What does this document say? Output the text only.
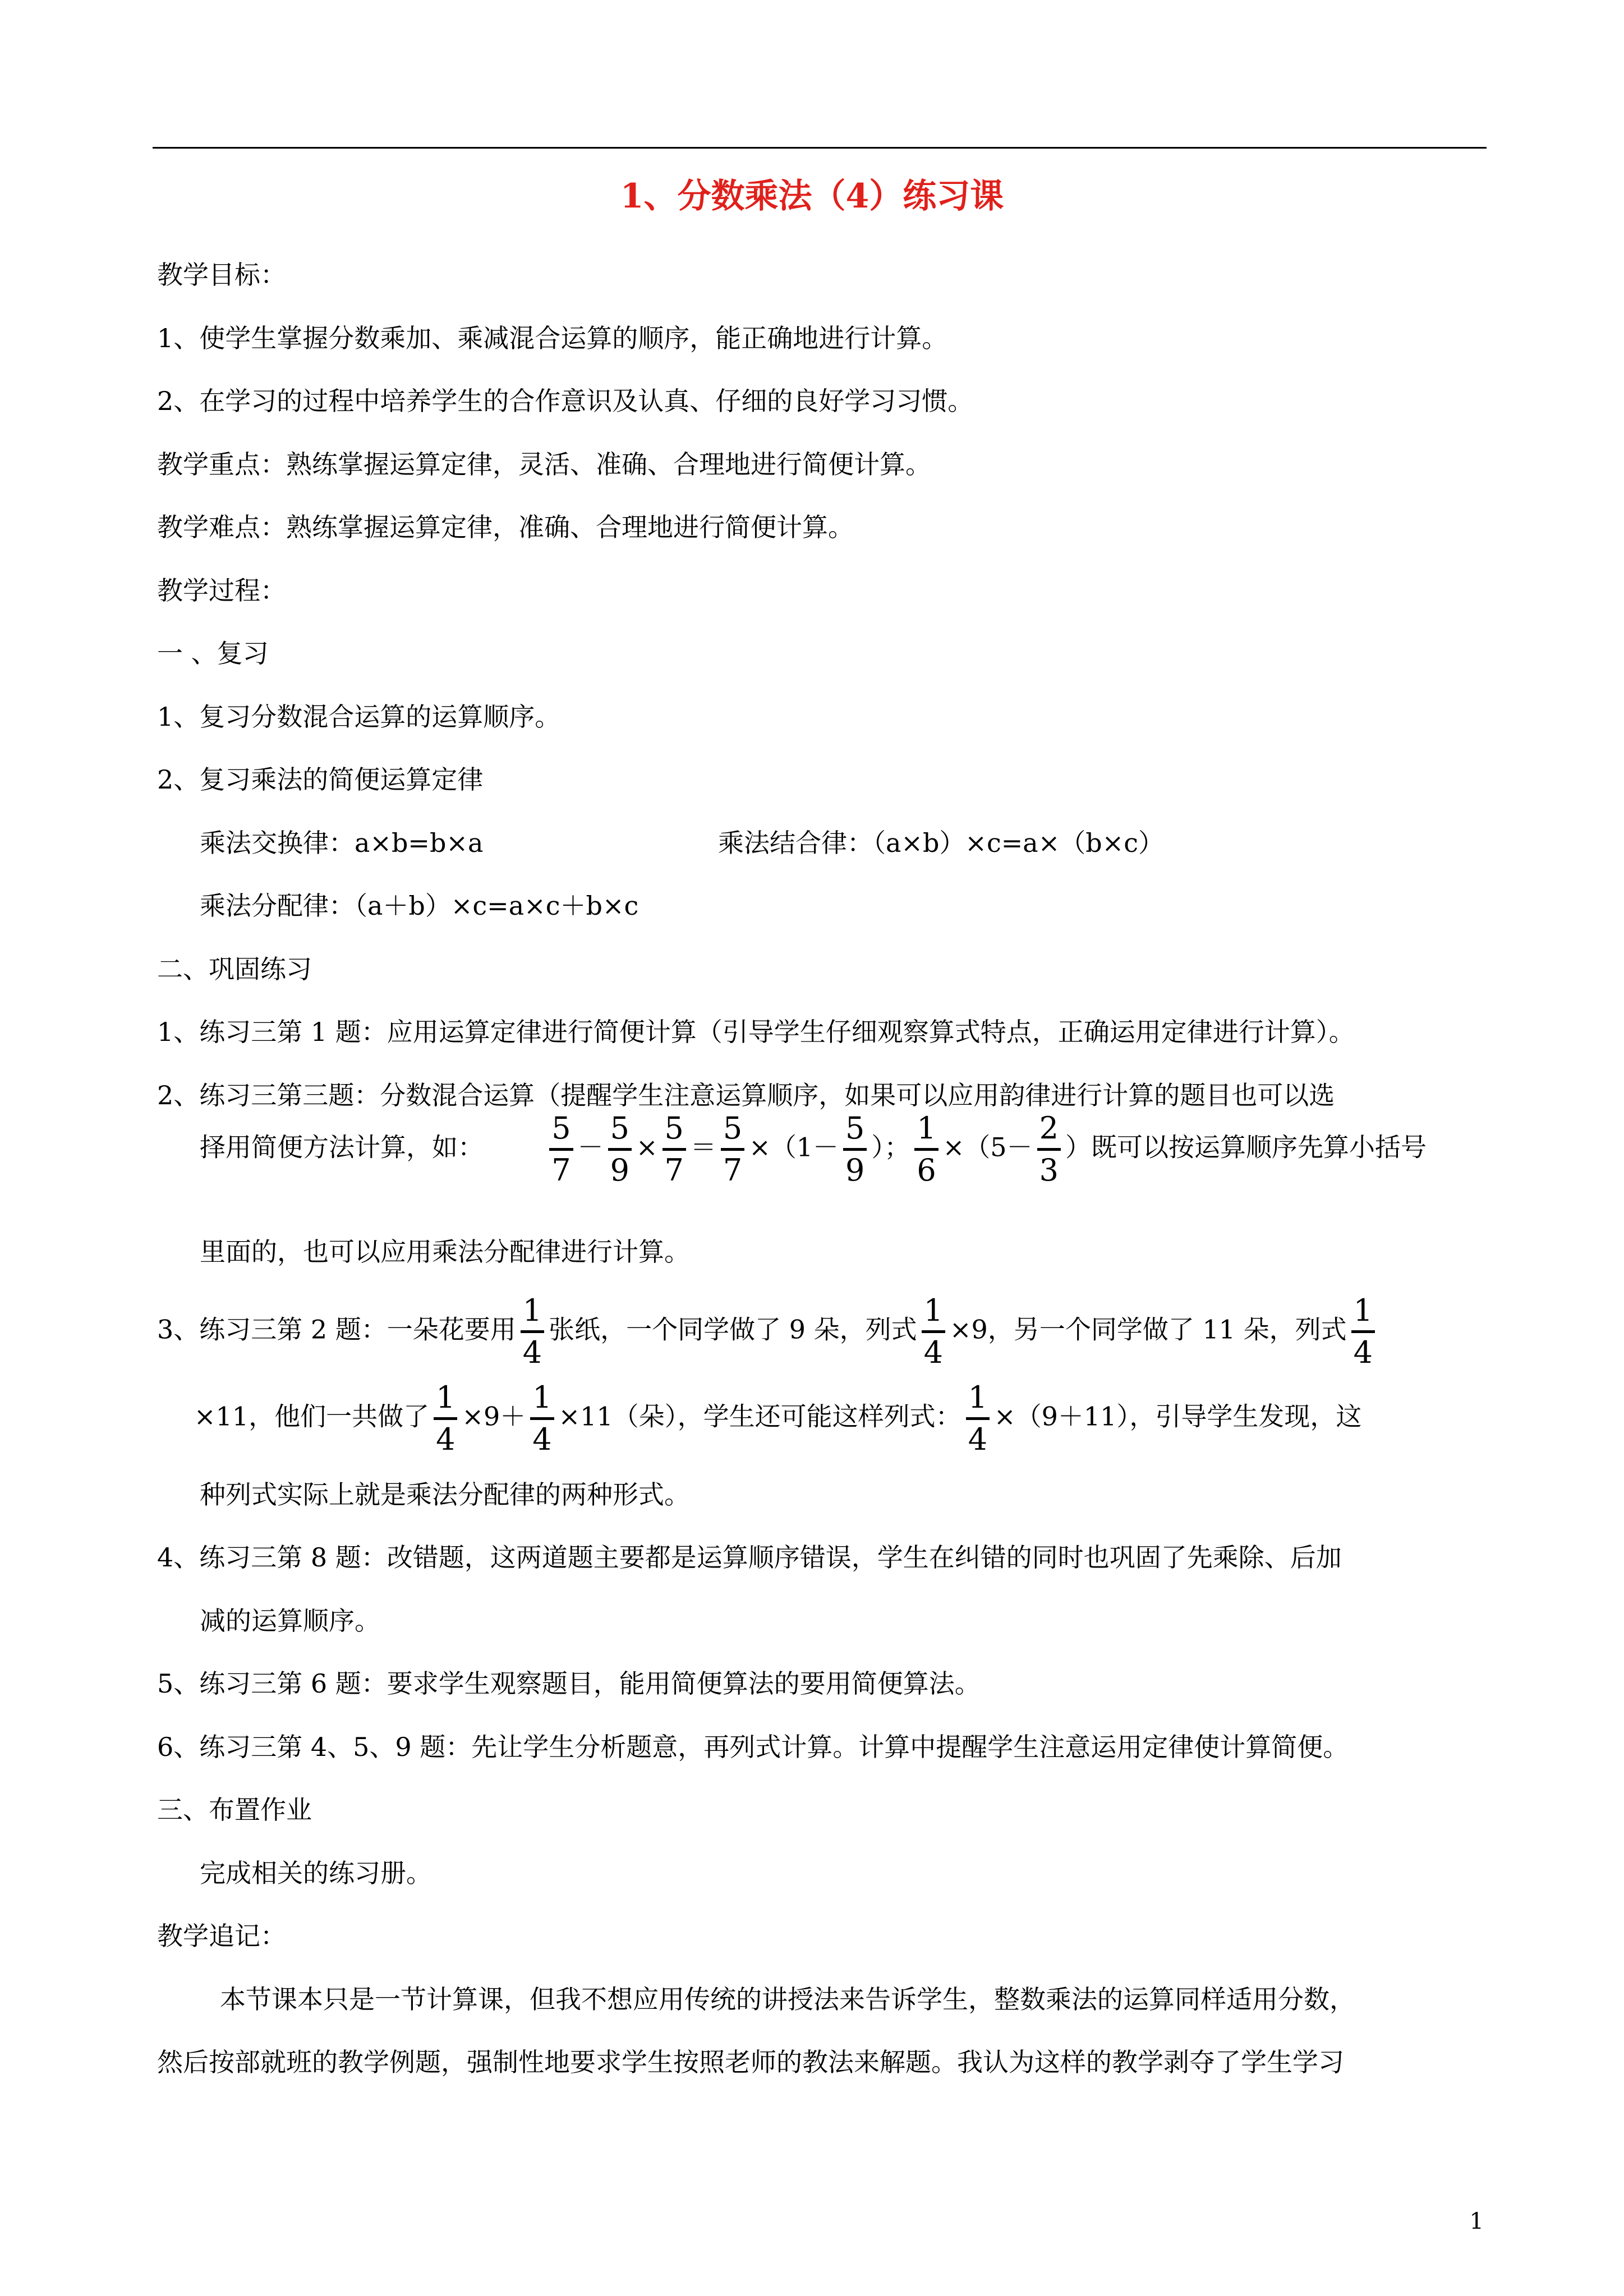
1、分数乘法（4）练习课
教学目标：
1、使学生掌握分数乘加、乘减混合运算的顺序，能正确地进行计算。
2、在学习的过程中培养学生的合作意识及认真、仔细的良好学习习惯。
教学重点：熟练掌握运算定律，灵活、准确、合理地进行简便计算。
教学难点：熟练掌握运算定律，准确、合理地进行简便计算。
教学过程：
一 、复习
1、复习分数混合运算的运算顺序。
2、复习乘法的简便运算定律
乘法交换律：a×b=b×a	乘法结合律：（a×b）×c=a×（b×c）
乘法分配律：（a＋b）×c=a×c＋b×c
二、巩固练习
1、练习三第 1 题：应用运算定律进行简便计算（引导学生仔细观察算式特点，正确运用定律进行计算）。
2、练习三第三题：分数混合运算（提醒学生注意运算顺序，如果可以应用韵律进行计算的题目也可以选
择用简便方法计算，如： $\frac{5}{7} - \frac{5}{9} \times \frac{5}{7} = \frac{5}{7} \times(1- \frac{5}{9}$ ）； $\frac{1}{6} \times(5- \frac{2}{3}$ ）既可以按运算顺序先算小括号
里面的，也可以应用乘法分配律进行计算。
3、练习三第 2 题：一朵花要用 $\frac{1}{4}$ 张纸，一个同学做了 9 朵，列式 $\frac{1}{4} \times 9$，另一个同学做了 11 朵，列式 $\frac{1}{4}$
×11，他们一共做了 $\frac{1}{4} \times 9+ \frac{1}{4} \times 11$（朵），学生还可能这样列式： $\frac{1}{4} \times(9+11)$，引导学生发现，这
种列式实际上就是乘法分配律的两种形式。
4、练习三第 8 题：改错题，这两道题主要都是运算顺序错误，学生在纠错的同时也巩固了先乘除、后加
减的运算顺序。
5、练习三第 6 题：要求学生观察题目，能用简便算法的要用简便算法。
6、练习三第 4、5、9 题：先让学生分析题意，再列式计算。计算中提醒学生注意运用定律使计算简便。
三、布置作业
完成相关的练习册。
教学追记：
本节课本只是一节计算课，但我不想应用传统的讲授法来告诉学生，整数乘法的运算同样适用分数，
然后按部就班的教学例题，强制性地要求学生按照老师的教法来解题。我认为这样的教学剥夺了学生学习
1
